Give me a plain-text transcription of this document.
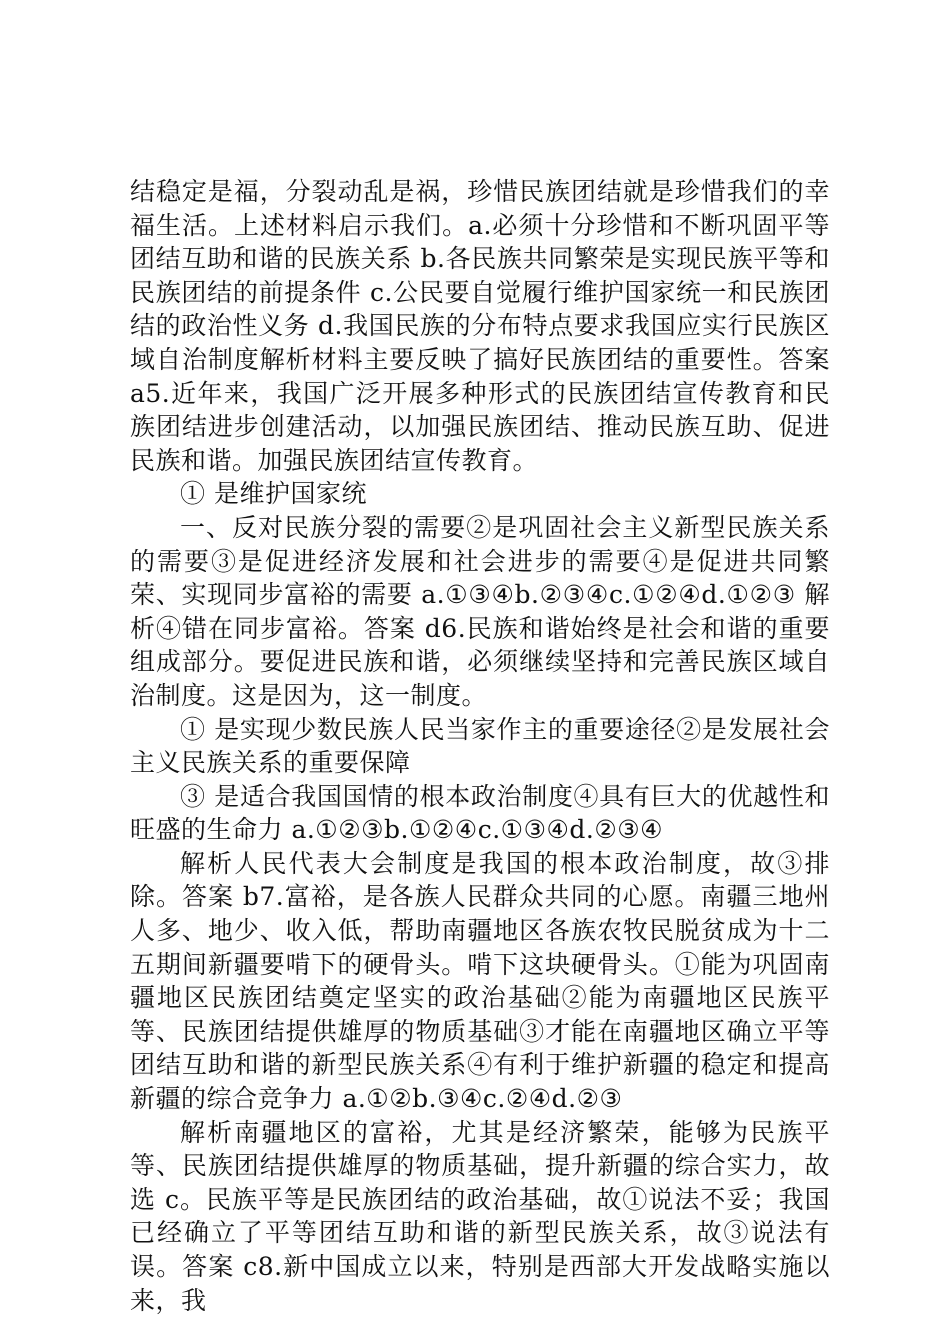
结稳定是福，分裂动乱是祸，珍惜民族团结就是珍惜我们的幸福生活。上述材料启示我们。a.必须十分珍惜和不断巩固平等团结互助和谐的民族关系 b.各民族共同繁荣是实现民族平等和民族团结的前提条件 c.公民要自觉履行维护国家统一和民族团结的政治性义务 d.我国民族的分布特点要求我国应实行民族区域自治制度解析材料主要反映了搞好民族团结的重要性。答案 a5.近年来，我国广泛开展多种形式的民族团结宣传教育和民族团结进步创建活动，以加强民族团结、推动民族互助、促进民族和谐。加强民族团结宣传教育。

① 是维护国家统

一、反对民族分裂的需要②是巩固社会主义新型民族关系的需要③是促进经济发展和社会进步的需要④是促进共同繁荣、实现同步富裕的需要 a.①③④b.②③④c.①②④d.①②③ 解析④错在同步富裕。答案 d6.民族和谐始终是社会和谐的重要组成部分。要促进民族和谐，必须继续坚持和完善民族区域自治制度。这是因为，这一制度。

① 是实现少数民族人民当家作主的重要途径②是发展社会主义民族关系的重要保障

③ 是适合我国国情的根本政治制度④具有巨大的优越性和旺盛的生命力 a.①②③b.①②④c.①③④d.②③④

解析人民代表大会制度是我国的根本政治制度，故③排除。答案 b7.富裕，是各族人民群众共同的心愿。南疆三地州人多、地少、收入低，帮助南疆地区各族农牧民脱贫成为十二五期间新疆要啃下的硬骨头。啃下这块硬骨头。①能为巩固南疆地区民族团结奠定坚实的政治基础②能为南疆地区民族平等、民族团结提供雄厚的物质基础③才能在南疆地区确立平等团结互助和谐的新型民族关系④有利于维护新疆的稳定和提高新疆的综合竞争力 a.①②b.③④c.②④d.②③

解析南疆地区的富裕，尤其是经济繁荣，能够为民族平等、民族团结提供雄厚的物质基础，提升新疆的综合实力，故选 c。民族平等是民族团结的政治基础，故①说法不妥；我国已经确立了平等团结互助和谐的新型民族关系，故③说法有误。答案 c8.新中国成立以来，特别是西部大开发战略实施以来，我
